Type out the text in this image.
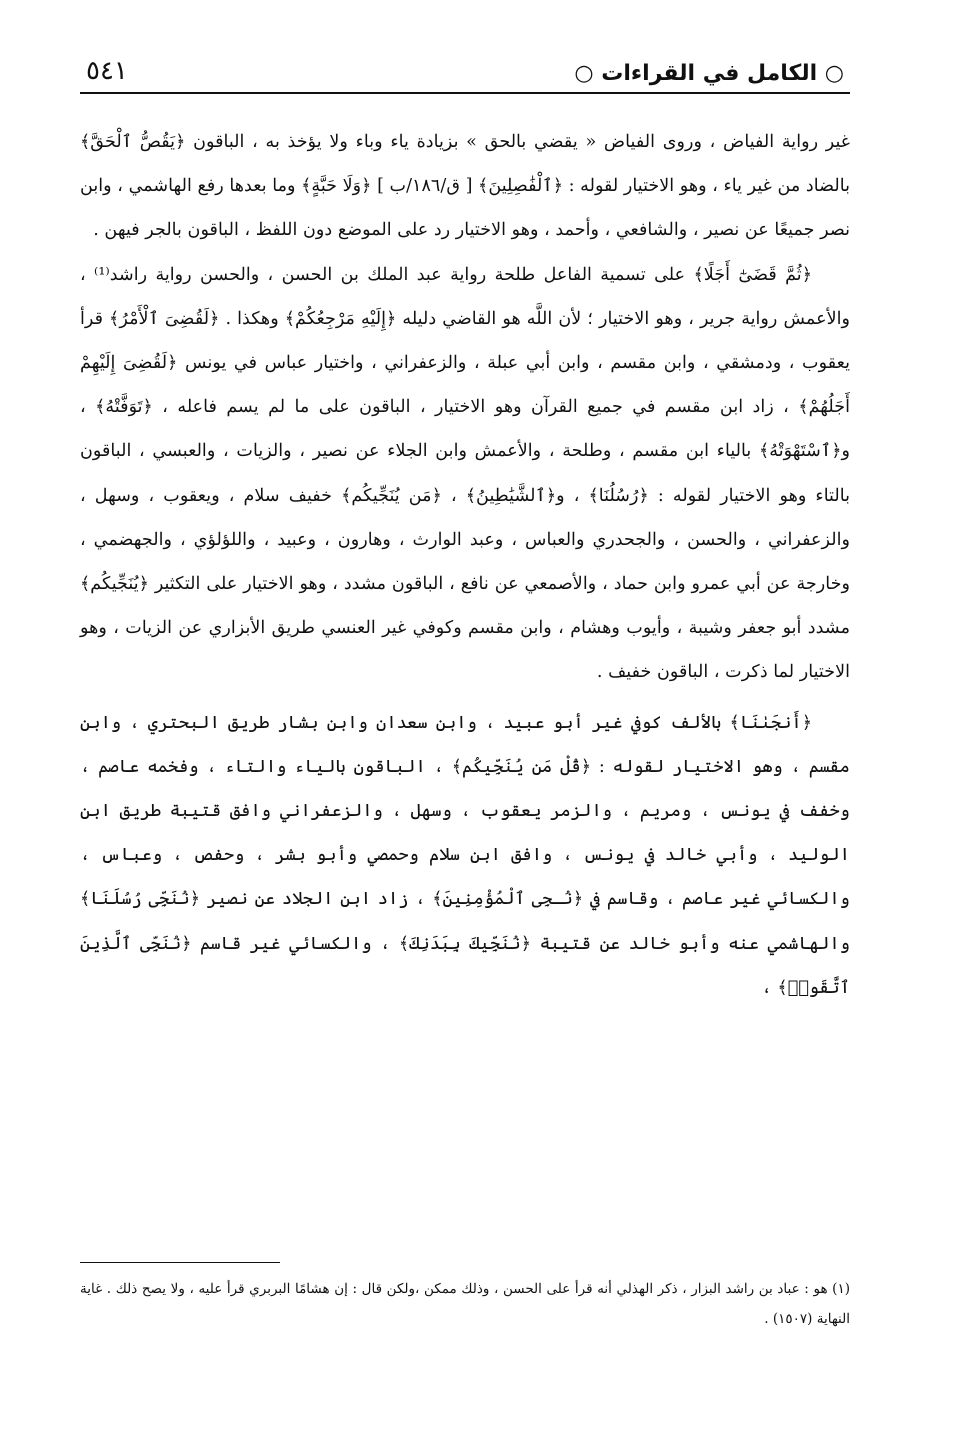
○ الكامل في القراءات ○
٥٤١

غير رواية الفياض ، وروى الفياض « يقضي بالحق » بزيادة ياء وباء ولا يؤخذ به ، الباقون ﴿يَقُصُّ ٱلْحَقَّ﴾ بالضاد من غير ياء ، وهو الاختيار لقوله : ﴿ٱلْفَٰصِلِينَ﴾ [ ق/١٨٦/ب ] ﴿وَلَا حَبَّةٍ﴾ وما بعدها رفع الهاشمي ، وابن نصر جميعًا عن نصير ، والشافعي ، وأحمد ، وهو الاختيار رد على الموضع دون اللفظ ، الباقون بالجر فيهن .

﴿ثُمَّ قَضَىٰٓ أَجَلًا﴾ على تسمية الفاعل طلحة رواية عبد الملك بن الحسن ، والحسن رواية راشد⁽¹⁾ ، والأعمش رواية جرير ، وهو الاختيار ؛ لأن اللَّه هو القاضي دليله ﴿إِلَيْهِ مَرْجِعُكُمْ﴾ وهكذا . ﴿لَقُضِىَ ٱلْأَمْرُ﴾ قرأ يعقوب ، ودمشقي ، وابن مقسم ، وابن أبي عبلة ، والزعفراني ، واختيار عباس في يونس ﴿لَقُضِىَ إِلَيْهِمْ أَجَلُهُمْ﴾ ، زاد ابن مقسم في جميع القرآن وهو الاختيار ، الباقون على ما لم يسم فاعله ، ﴿تَوَفَّتْهُ﴾ ، و﴿ٱسْتَهْوَتْهُ﴾ بالياء ابن مقسم ، وطلحة ، والأعمش وابن الجلاء عن نصير ، والزيات ، والعبسي ، الباقون بالتاء وهو الاختيار لقوله : ﴿رُسُلُنَا﴾ ، و﴿ٱلشَّيَٰطِينُ﴾ ، ﴿مَن يُنَجِّيكُم﴾ خفيف سلام ، ويعقوب ، وسهل ، والزعفراني ، والحسن ، والجحدري والعباس ، وعبد الوارث ، وهارون ، وعبيد ، واللؤلؤي ، والجهضمي ، وخارجة عن أبي عمرو وابن حماد ، والأصمعي عن نافع ، الباقون مشدد ، وهو الاختيار على التكثير ﴿يُنَجِّيكُم﴾ مشدد أبو جعفر وشيبة ، وأيوب وهشام ، وابن مقسم وكوفي غير العنسي طريق الأبزاري عن الزيات ، وهو الاختيار لما ذكرت ، الباقون خفيف .

﴿أَنجَىٰنَا﴾ بالألف كوفي غير أبو عبيد ، وابن سعدان وابن بشار طريق البحتري ، وابن مقسم ، وهو الاختيار لقوله : ﴿قُلْ مَن يُنَجِّيكُم﴾ ، الباقون بالياء والتاء ، وفخمه عاصم ، وخفف في يونس ، ومريم ، والزمر يعقوب ، وسهل ، والزعفراني وافق قتيبة طريق ابن الوليد ، وأبي خالد في يونس ، وافق ابن سلام وحمصي وأبو بشر ، وحفص ، وعباس ، والكسائي غير عاصم ، وقاسم في ﴿نُـجِى ٱلْمُؤْمِنِينَ﴾ ، زاد ابن الجلاد عن نصير ﴿نُنَجِّى رُسُلَنَا﴾ والهاشمي عنه وأبو خالد عن قتيبة ﴿نُنَجِّيكَ بِبَدَنِكَ﴾ ، والكسائي غير قاسم ﴿نُنَجِّى ٱلَّذِينَ ٱتَّقَوا۟﴾ ،

(١) هو : عباد بن راشد البزار ، ذكر الهذلي أنه قرأ على الحسن ، وذلك ممكن ،ولكن قال : إن هشامًا البربري قرأ عليه ، ولا يصح ذلك . غاية النهاية (١٥٠٧) .
